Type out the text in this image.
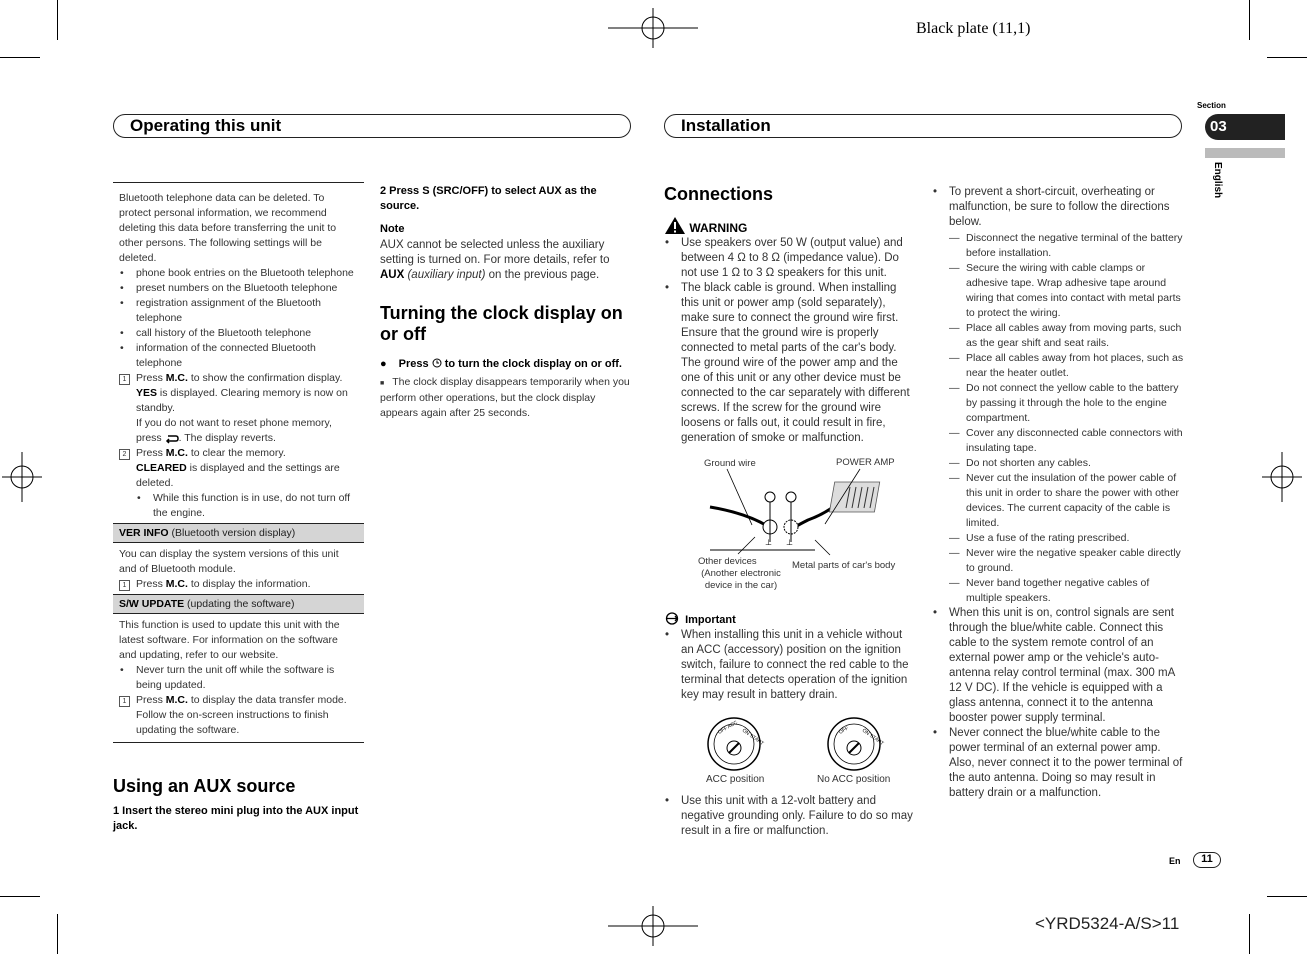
Black plate (11,1)
Section
03
English
Operating this unit	Installation
Bluetooth telephone data can be deleted. To protect personal information, we recommend deleting this data before transferring the unit to other persons. The following settings will be deleted.
• phone book entries on the Bluetooth telephone
• preset numbers on the Bluetooth telephone
• registration assignment of the Bluetooth telephone
• call history of the Bluetooth telephone
• information of the connected Bluetooth telephone
1 Press M.C. to show the confirmation display.
YES is displayed. Clearing memory is now on standby.
If you do not want to reset phone memory, press . The display reverts.
2 Press M.C. to clear the memory.
CLEARED is displayed and the settings are deleted.
• While this function is in use, do not turn off the engine.
VER INFO (Bluetooth version display)
You can display the system versions of this unit and of Bluetooth module.
1 Press M.C. to display the information.
S/W UPDATE (updating the software)
This function is used to update this unit with the latest software. For information on the software and updating, refer to our website.
• Never turn the unit off while the software is being updated.
1 Press M.C. to display the data transfer mode. Follow the on-screen instructions to finish updating the software.
Using an AUX source
1 Insert the stereo mini plug into the AUX input jack.
2 Press S (SRC/OFF) to select AUX as the source.
Note
AUX cannot be selected unless the auxiliary setting is turned on. For more details, refer to AUX (auxiliary input) on the previous page.
Turning the clock display on or off
● Press  to turn the clock display on or off.
■ The clock display disappears temporarily when you perform other operations, but the clock display appears again after 25 seconds.
Connections
WARNING
• Use speakers over 50 W (output value) and between 4 Ω to 8 Ω (impedance value). Do not use 1 Ω to 3 Ω speakers for this unit.
• The black cable is ground. When installing this unit or power amp (sold separately), make sure to connect the ground wire first. Ensure that the ground wire is properly connected to metal parts of the car's body. The ground wire of the power amp and the one of this unit or any other device must be connected to the car separately with different screws. If the screw for the ground wire loosens or falls out, it could result in fire, generation of smoke or malfunction.
⊥ ⊥
Ground wire	POWER AMP
Other devices
(Another electronic
device in the car)
Metal parts of car's body
Important
• When installing this unit in a vehicle without an ACC (accessory) position on the ignition switch, failure to connect the red cable to the terminal that detects operation of the ignition key may result in battery drain.
OFF ACC
ON START	OFF ON START
ACC position	No ACC position
• Use this unit with a 12-volt battery and negative grounding only. Failure to do so may result in a fire or malfunction.
• To prevent a short-circuit, overheating or malfunction, be sure to follow the directions below.
— Disconnect the negative terminal of the battery before installation.
— Secure the wiring with cable clamps or adhesive tape. Wrap adhesive tape around wiring that comes into contact with metal parts to protect the wiring.
— Place all cables away from moving parts, such as the gear shift and seat rails.
— Place all cables away from hot places, such as near the heater outlet.
— Do not connect the yellow cable to the battery by passing it through the hole to the engine compartment.
— Cover any disconnected cable connectors with insulating tape.
— Do not shorten any cables.
— Never cut the insulation of the power cable of this unit in order to share the power with other devices. The current capacity of the cable is limited.
— Use a fuse of the rating prescribed.
— Never wire the negative speaker cable directly to ground.
— Never band together negative cables of multiple speakers.
• When this unit is on, control signals are sent through the blue/white cable. Connect this cable to the system remote control of an external power amp or the vehicle's auto-antenna relay control terminal (max. 300 mA 12 V DC). If the vehicle is equipped with a glass antenna, connect it to the antenna booster power supply terminal.
• Never connect the blue/white cable to the power terminal of an external power amp. Also, never connect it to the power terminal of the auto antenna. Doing so may result in battery drain or a malfunction.
En	11
<YRD5324-A/S>11
